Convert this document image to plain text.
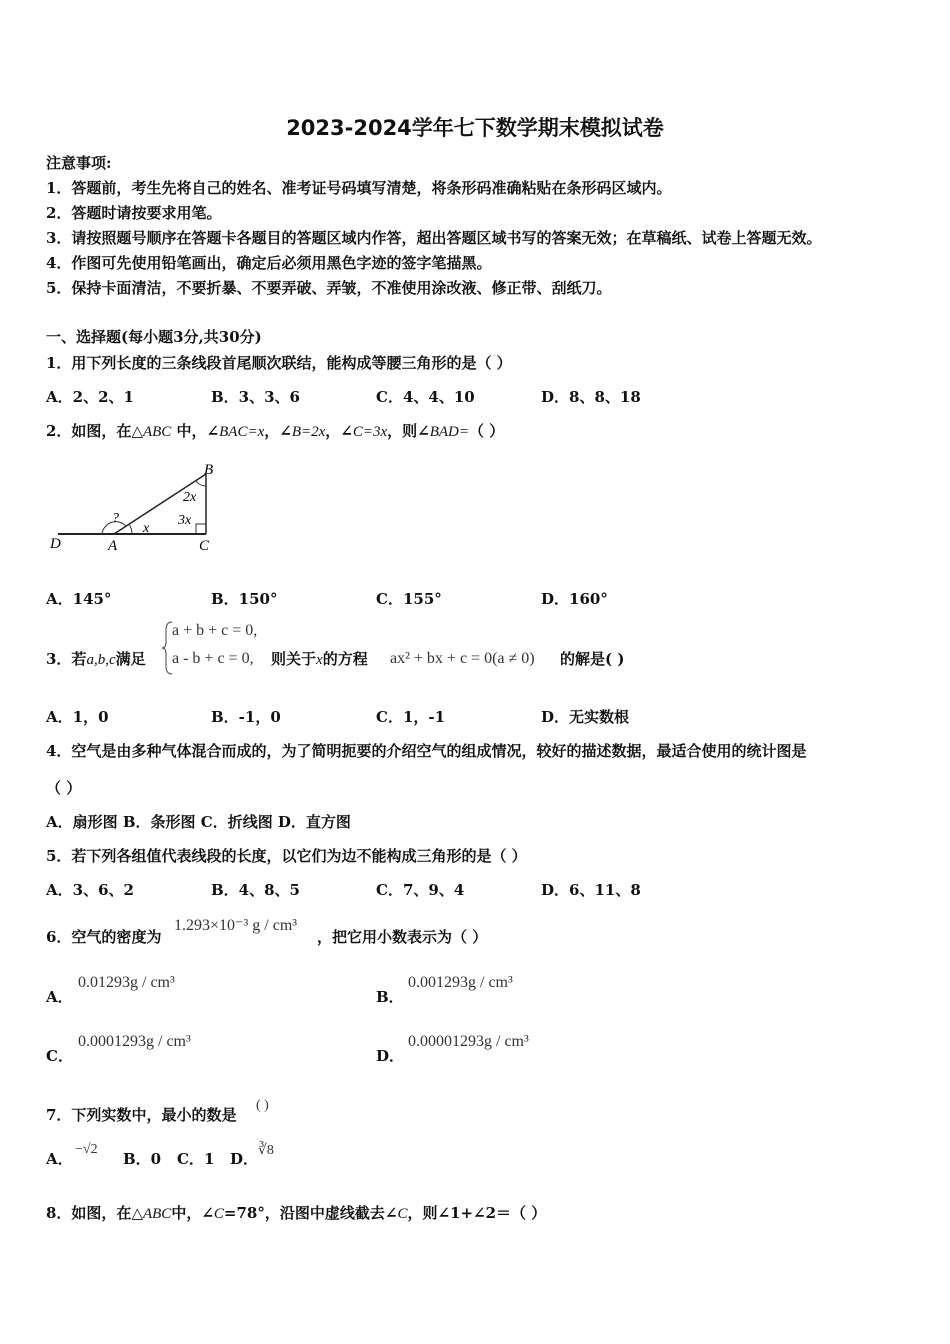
2023-2024学年七下数学期末模拟试卷
注意事项:
1．答题前，考生先将自己的姓名、准考证号码填写清楚，将条形码准确粘贴在条形码区域内。
2．答题时请按要求用笔。
3．请按照题号顺序在答题卡各题目的答题区域内作答，超出答题区域书写的答案无效；在草稿纸、试卷上答题无效。
4．作图可先使用铅笔画出，确定后必须用黑色字迹的签字笔描黑。
5．保持卡面清洁，不要折暴、不要弄破、弄皱，不准使用涂改液、修正带、刮纸刀。
一、选择题(每小题3分,共30分)
1．用下列长度的三条线段首尾顺次联结，能构成等腰三角形的是（ ）
A．2、2、1	B．3、3、6	C．4、4、10	D．8、8、18
2．如图，在△ABC 中，∠BAC=x，∠B=2x，∠C=3x，则∠BAD=（ ）
D	A	C
B
?
x
2x
3x
A．145°	B．150°	C．155°	D．160°
3．若a,b,c满足
a + b + c = 0,
a - b + c = 0, 则关于x的方程 ax² + bx + c = 0(a ≠ 0) 的解是( )
A．1，0	B．-1，0	C．1，-1	D．无实数根
4．空气是由多种气体混合而成的，为了简明扼要的介绍空气的组成情况，较好的描述数据，最适合使用的统计图是
（ ）
A．扇形图 B．条形图 C．折线图 D．直方图
5．若下列各组值代表线段的长度，以它们为边不能构成三角形的是（ ）
A．3、6、2	B．4、8、5	C．7、9、4	D．6、11、8
6．空气的密度为
1.293×10⁻³ g / cm³
，把它用小数表示为（ ）
A．
0.01293g / cm³
B．
0.001293g / cm³
C．
0.0001293g / cm³
D．
0.00001293g / cm³
7．下列实数中，最小的数是
( )
A．
−√2
B．0 C．1 D． ∛8
8．如图，在△ABC中，∠C=78°，沿图中虚线截去∠C，则∠1+∠2＝（ ）
